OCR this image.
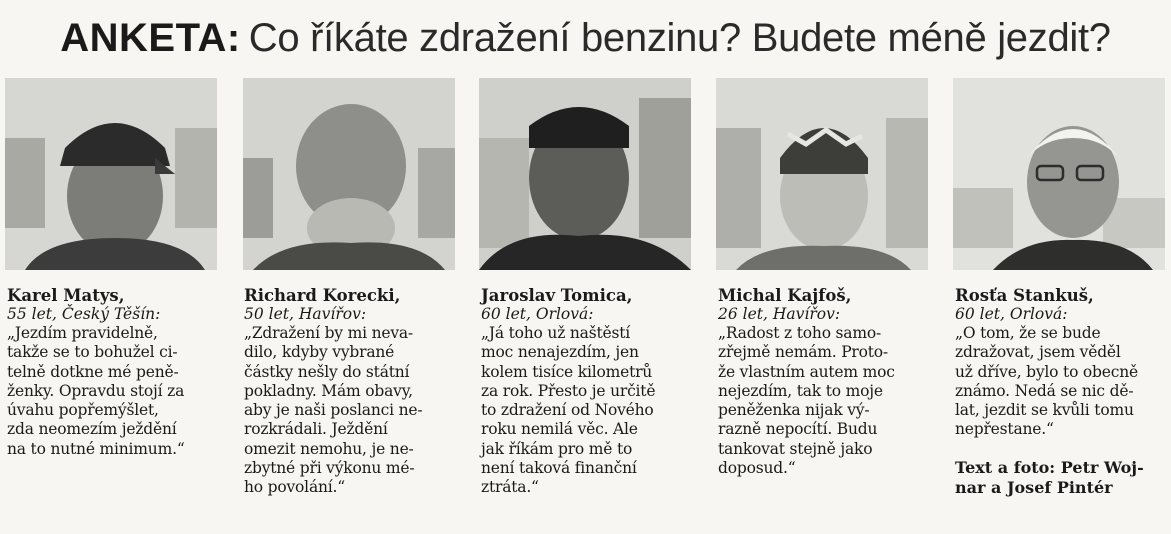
ANKETA: Co říkáte zdražení benzinu? Budete méně jezdit?
Karel Matys,
55 let, Český Těšín:
„Jezdím pravidelně,
takže se to bohužel ci-
telně dotkne mé peně-
ženky. Opravdu stojí za
úvahu popřemýšlet,
zda neomezím ježdění
na to nutné minimum.“
Richard Korecki,
50 let, Havířov:
„Zdražení by mi neva-
dilo, kdyby vybrané
částky nešly do státní
pokladny. Mám obavy,
aby je naši poslanci ne-
rozkrádali. Ježdění
omezit nemohu, je ne-
zbytné při výkonu mé-
ho povolání.“
Jaroslav Tomica,
60 let, Orlová:
„Já toho už naštěstí
moc nenajezdím, jen
kolem tisíce kilometrů
za rok. Přesto je určitě
to zdražení od Nového
roku nemilá věc. Ale
jak říkám pro mě to
není taková finanční
ztráta.“
Michal Kajfoš,
26 let, Havířov:
„Radost z toho samo-
zřejmě nemám. Proto-
že vlastním autem moc
nejezdím, tak to moje
peněženka nijak vý-
razně nepocítí. Budu
tankovat stejně jako
doposud.“
Rosťa Stankuš,
60 let, Orlová:
„O tom, že se bude
zdražovat, jsem věděl
už dříve, bylo to obecně
známo. Nedá se nic dě-
lat, jezdit se kvůli tomu
nepřestane.“
Text a foto: Petr Woj-
nar a Josef Pintér
